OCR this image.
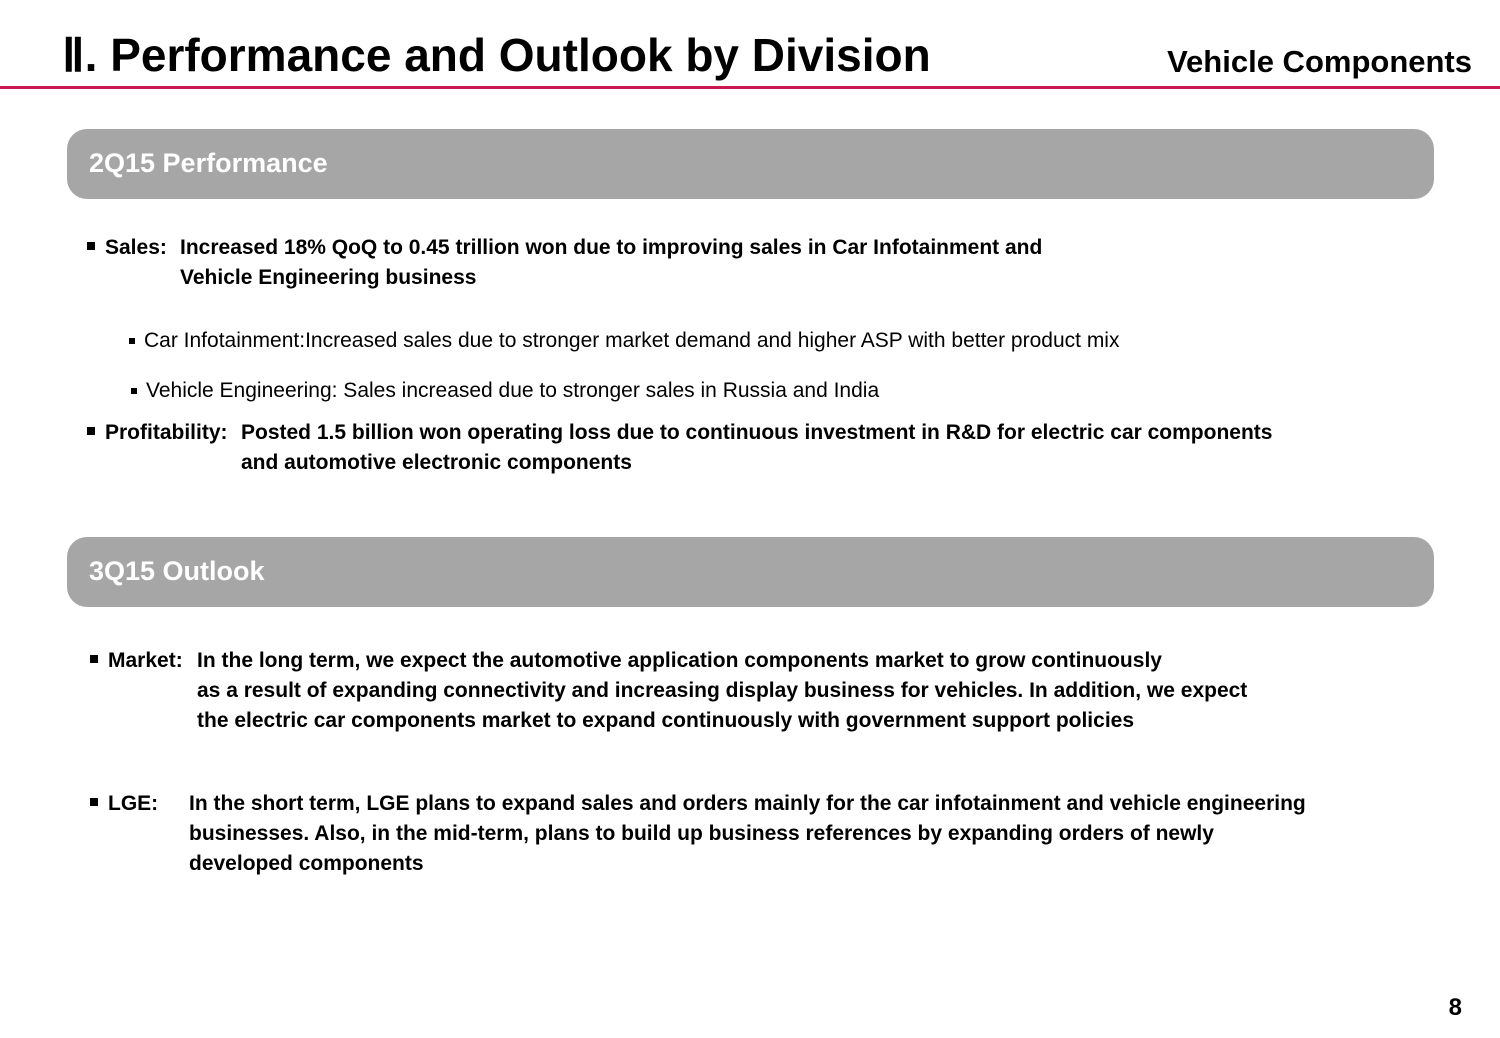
Ⅱ. Performance and Outlook by Division	Vehicle Components
2Q15 Performance
Sales: Increased 18% QoQ to 0.45 trillion won due to improving sales in Car Infotainment and
Vehicle Engineering business
Car Infotainment:Increased sales due to stronger market demand and higher ASP with better product mix
Vehicle Engineering: Sales increased due to stronger sales in Russia and India
Profitability: Posted 1.5 billion won operating loss due to continuous investment in R&D for electric car components
and automotive electronic components
3Q15 Outlook
Market: In the long term, we expect the automotive application components market to grow continuously
as a result of expanding connectivity and increasing display business for vehicles. In addition, we expect
the electric car components market to expand continuously with government support policies
LGE: In the short term, LGE plans to expand sales and orders mainly for the car infotainment and vehicle engineering
businesses. Also, in the mid-term, plans to build up business references by expanding orders of newly
developed components
8
